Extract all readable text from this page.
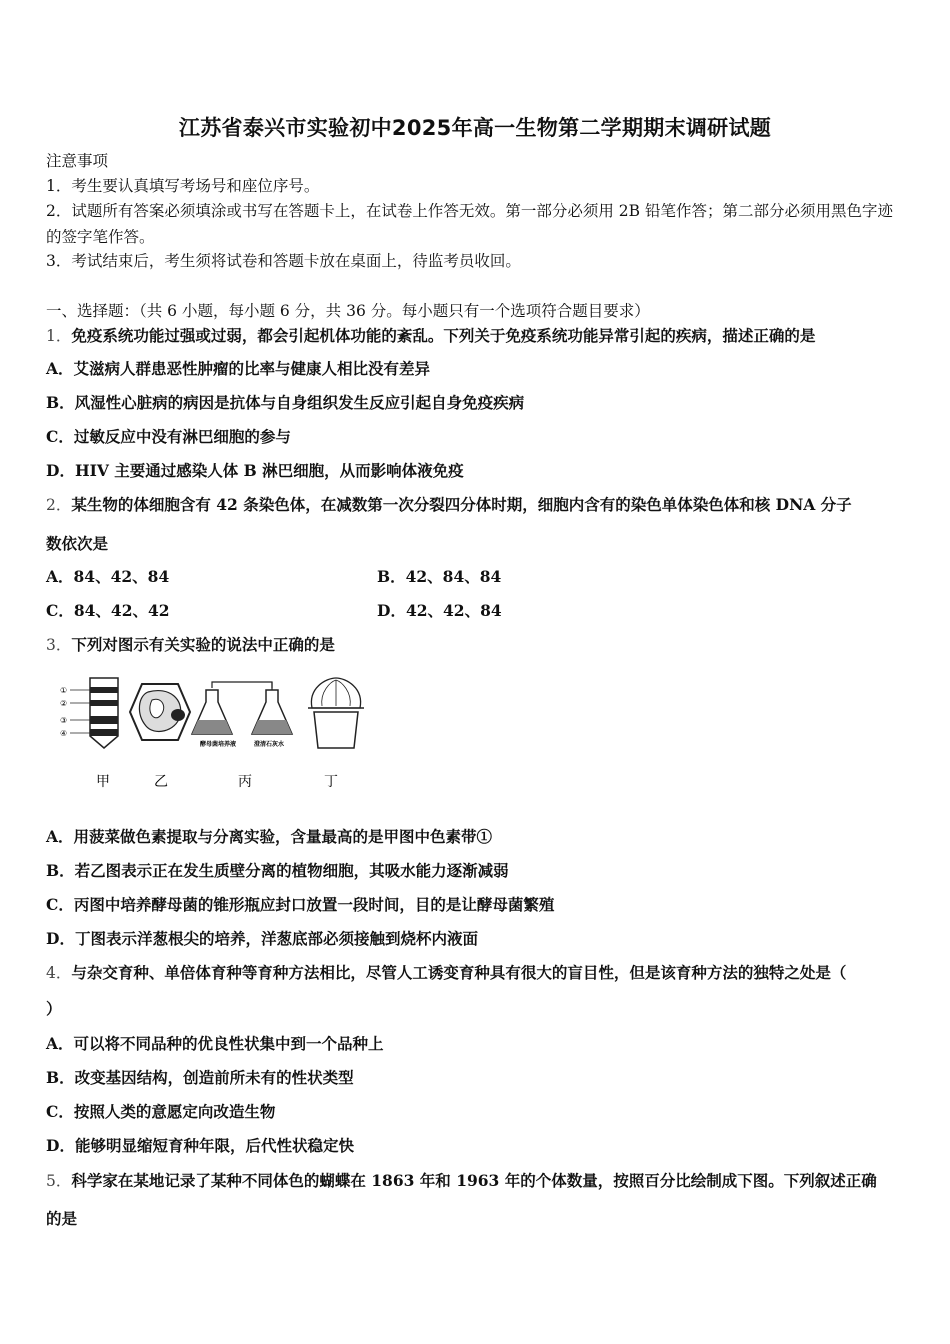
江苏省泰兴市实验初中2025年高一生物第二学期期末调研试题
注意事项
1．考生要认真填写考场号和座位序号。
2．试题所有答案必须填涂或书写在答题卡上，在试卷上作答无效。第一部分必须用 2B 铅笔作答；第二部分必须用黑色字迹的签字笔作答。
3．考试结束后，考生须将试卷和答题卡放在桌面上，待监考员收回。
一、选择题：（共 6 小题，每小题 6 分，共 36 分。每小题只有一个选项符合题目要求）
1．免疫系统功能过强或过弱，都会引起机体功能的紊乱。下列关于免疫系统功能异常引起的疾病，描述正确的是
A．艾滋病人群患恶性肿瘤的比率与健康人相比没有差异
B．风湿性心脏病的病因是抗体与自身组织发生反应引起自身免疫疾病
C．过敏反应中没有淋巴细胞的参与
D．HIV 主要通过感染人体 B 淋巴细胞，从而影响体液免疫
2．某生物的体细胞含有 42 条染色体，在减数第一次分裂四分体时期，细胞内含有的染色单体染色体和核 DNA 分子
数依次是
A．84、42、84	B．42、84、84
C．84、42、42	D．42、42、84
3．下列对图示有关实验的说法中正确的是
①
②
③
④
酵母菌培养液	澄清石灰水
甲	乙	丙	丁
A．用菠菜做色素提取与分离实验，含量最高的是甲图中色素带①
B．若乙图表示正在发生质壁分离的植物细胞，其吸水能力逐渐减弱
C．丙图中培养酵母菌的锥形瓶应封口放置一段时间，目的是让酵母菌繁殖
D．丁图表示洋葱根尖的培养，洋葱底部必须接触到烧杯内液面
4．与杂交育种、单倍体育种等育种方法相比，尽管人工诱变育种具有很大的盲目性，但是该育种方法的独特之处是（
）
A．可以将不同品种的优良性状集中到一个品种上
B．改变基因结构，创造前所未有的性状类型
C．按照人类的意愿定向改造生物
D．能够明显缩短育种年限，后代性状稳定快
5．科学家在某地记录了某种不同体色的蝴蝶在 1863 年和 1963 年的个体数量，按照百分比绘制成下图。下列叙述正确
的是
